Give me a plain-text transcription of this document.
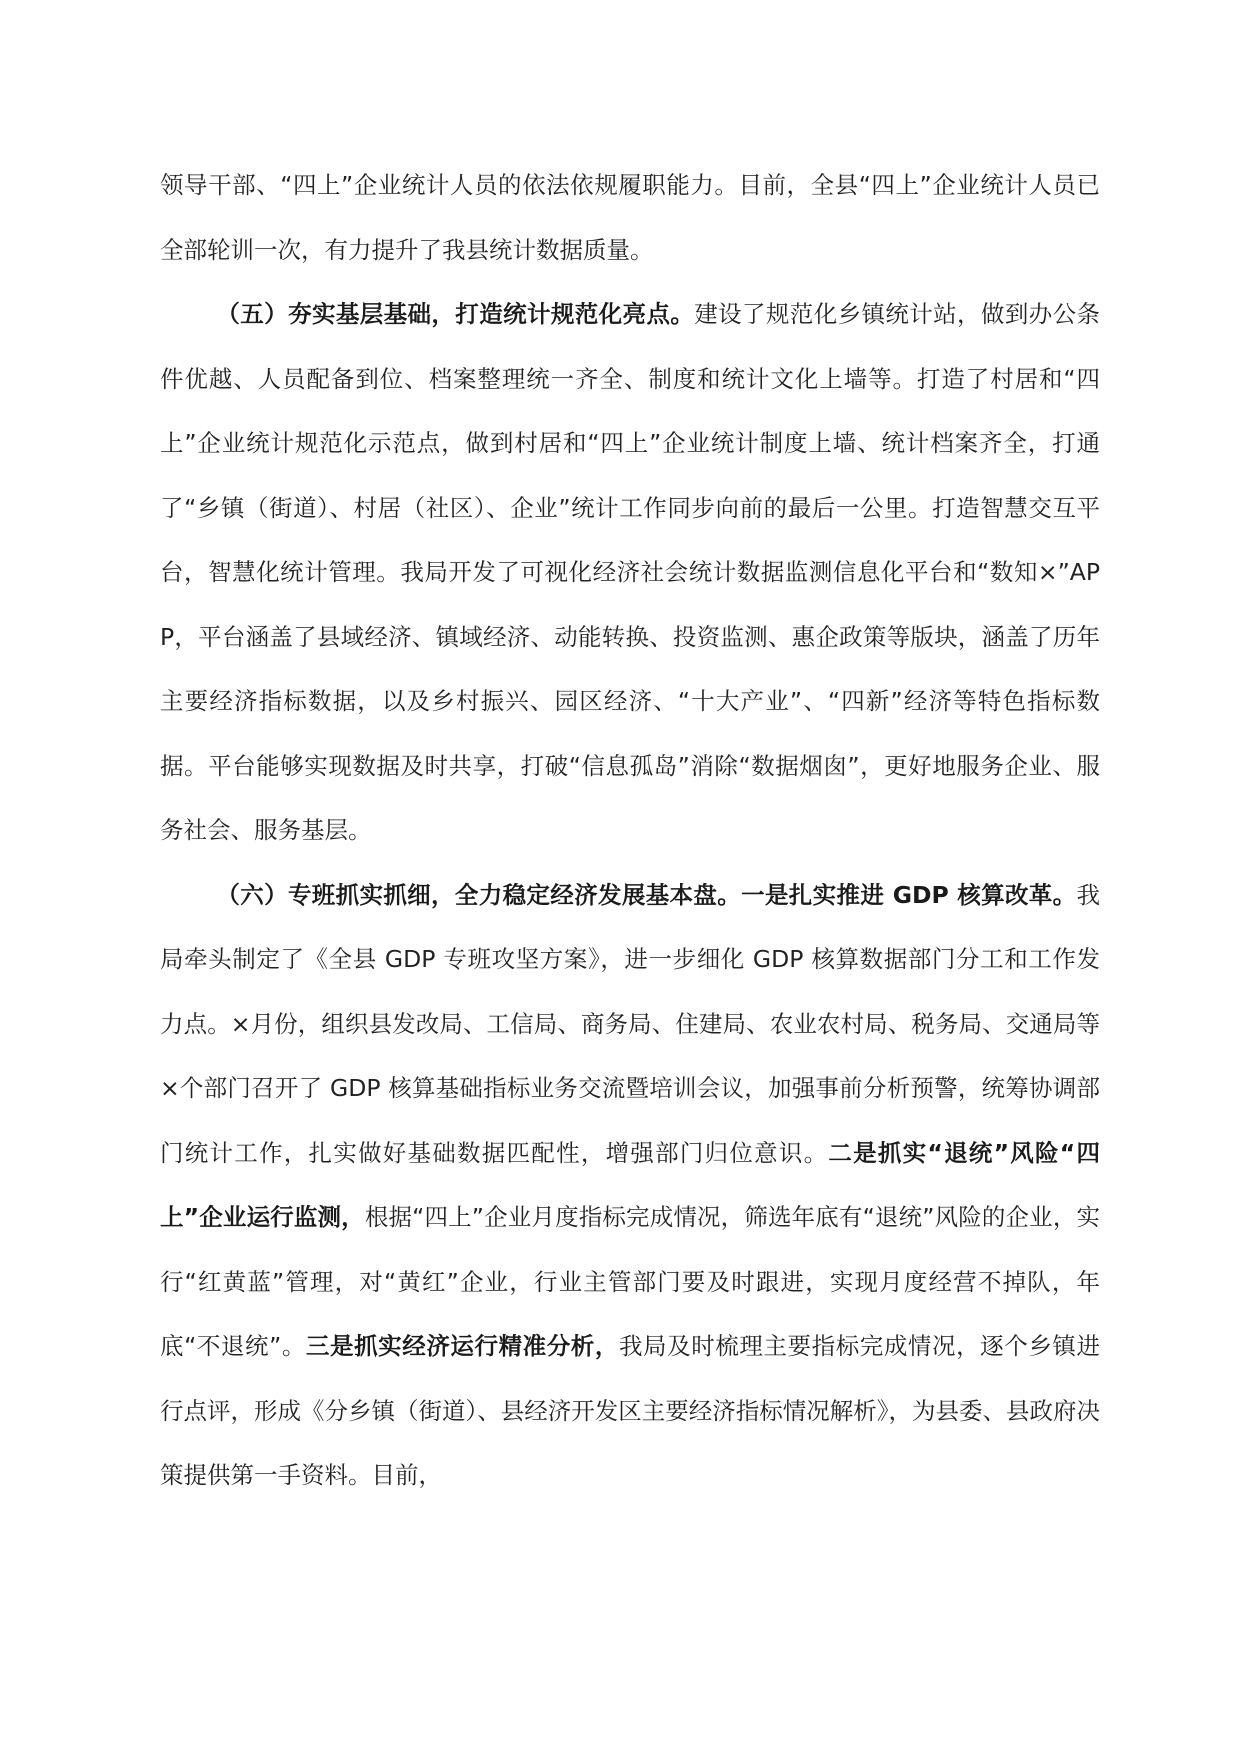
领导干部、“四上”企业统计人员的依法依规履职能力。目前，全县“四上”企业统计人员已全部轮训一次，有力提升了我县统计数据质量。

（五）夯实基层基础，打造统计规范化亮点。建设了规范化乡镇统计站，做到办公条件优越、人员配备到位、档案整理统一齐全、制度和统计文化上墙等。打造了村居和“四上”企业统计规范化示范点，做到村居和“四上”企业统计制度上墙、统计档案齐全，打通了“乡镇（街道）、村居（社区）、企业”统计工作同步向前的最后一公里。打造智慧交互平台，智慧化统计管理。我局开发了可视化经济社会统计数据监测信息化平台和“数知×”APP，平台涵盖了县域经济、镇域经济、动能转换、投资监测、惠企政策等版块，涵盖了历年主要经济指标数据，以及乡村振兴、园区经济、“十大产业”、“四新”经济等特色指标数据。平台能够实现数据及时共享，打破“信息孤岛”消除“数据烟囱”，更好地服务企业、服务社会、服务基层。

（六）专班抓实抓细，全力稳定经济发展基本盘。一是扎实推进 GDP 核算改革。我局牵头制定了《全县 GDP 专班攻坚方案》，进一步细化 GDP 核算数据部门分工和工作发力点。×月份，组织县发改局、工信局、商务局、住建局、农业农村局、税务局、交通局等×个部门召开了 GDP 核算基础指标业务交流暨培训会议，加强事前分析预警，统筹协调部门统计工作，扎实做好基础数据匹配性，增强部门归位意识。二是抓实“退统”风险“四上”企业运行监测，根据“四上”企业月度指标完成情况，筛选年底有“退统”风险的企业，实行“红黄蓝”管理，对“黄红”企业，行业主管部门要及时跟进，实现月度经营不掉队，年底“不退统”。三是抓实经济运行精准分析，我局及时梳理主要指标完成情况，逐个乡镇进行点评，形成《分乡镇（街道）、县经济开发区主要经济指标情况解析》，为县委、县政府决策提供第一手资料。目前，
